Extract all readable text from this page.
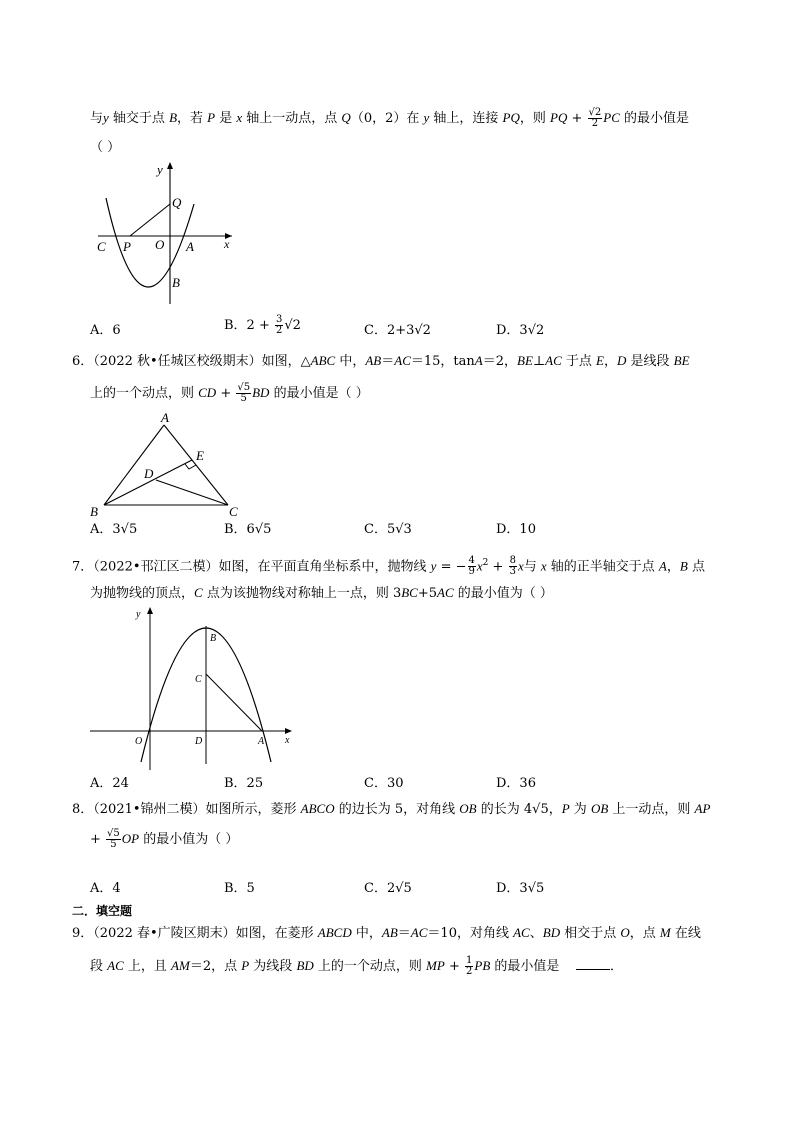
与y 轴交于点 B，若 P 是 x 轴上一动点，点 Q（0，2）在 y 轴上，连接 PQ，则 PQ + $\frac{√2}{2}$ PC 的最小值是
（ ）
y
Q
C P O A	x
B
A．6	B．$2 + \frac{3}{2} √2$	C．2+3√2	D．3√2
6．（2022 秋•任城区校级期末）如图，△ABC 中，AB＝AC＝15，tanA＝2，BE⊥AC 于点 E，D 是线段 BE
上的一个动点，则 CD + $\frac{√5}{5}$ BD 的最小值是（ ）
A
E
D
B	C
A．3√5	B．6√5	C．5√3	D．10
7．（2022•邗江区二模）如图，在平面直角坐标系中，抛物线 y = − $\frac{4}{9} x^2 + \frac{8}{3}$ x与 x 轴的正半轴交于点 A，B 点
为抛物线的顶点，C 点为该抛物线对称轴上一点，则 3BC+5AC 的最小值为（ ）
y
B
C
O	D	A x
A．24	B．25	C．30	D．36
8．（2021•锦州二模）如图所示，菱形 ABCO 的边长为 5，对角线 OB 的长为 4√5，P 为 OB 上一动点，则 AP
+ $\frac{√5}{5}$ OP 的最小值为（ ）
A．4	B．5	C．2√5	D．3√5
二．填空题
9．（2022 春•广陵区期末）如图，在菱形 ABCD 中，AB＝AC＝10，对角线 AC、BD 相交于点 O，点 M 在线
段 AC 上，且 AM＝2，点 P 为线段 BD 上的一个动点，则 MP + $\frac{1}{2}$ PB 的最小值是	．
